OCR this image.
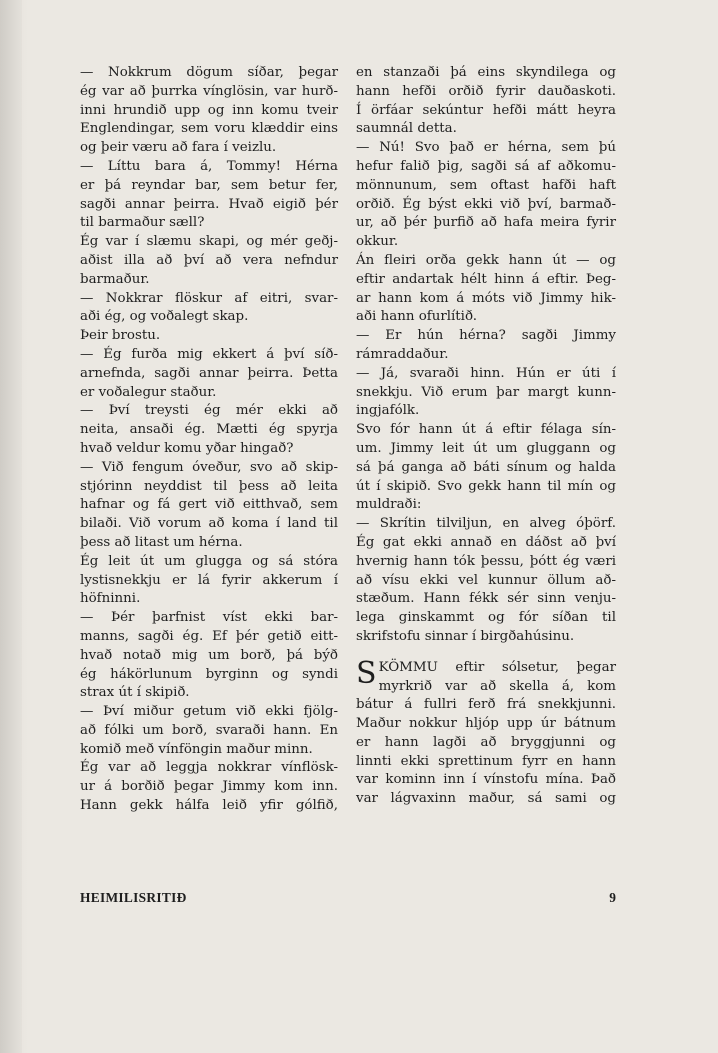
— Nokkrum dögum síðar, þegar
ég var að þurrka vínglösin, var hurð-
inni hrundið upp og inn komu tveir
Englendingar, sem voru klæddir eins
og þeir væru að fara í veizlu.
— Líttu bara á, Tommy! Hérna
er þá reyndar bar, sem betur fer,
sagði annar þeirra. Hvað eigið þér
til barmaður sæll?
Ég var í slæmu skapi, og mér geðj-
aðist illa að því að vera nefndur
barmaður.
— Nokkrar flöskur af eitri, svar-
aði ég, og voðalegt skap.
Þeir brostu.
— Ég furða mig ekkert á því síð-
arnefnda, sagði annar þeirra. Þetta
er voðalegur staður.
— Því treysti ég mér ekki að
neita, ansaði ég. Mætti ég spyrja
hvað veldur komu yðar hingað?
— Við fengum óveður, svo að skip-
stjórinn neyddist til þess að leita
hafnar og fá gert við eitthvað, sem
bilaði. Við vorum að koma í land til
þess að litast um hérna.
Ég leit út um glugga og sá stóra
lystisnekkju er lá fyrir akkerum í
höfninni.
— Þér þarfnist víst ekki bar-
manns, sagði ég. Ef þér getið eitt-
hvað notað mig um borð, þá býð
ég hákörlunum byrginn og syndi
strax út í skipið.
— Því miður getum við ekki fjölg-
að fólki um borð, svaraði hann. En
komið með vínföngin maður minn.
Ég var að leggja nokkrar vínflösk-
ur á borðið þegar Jimmy kom inn.
Hann gekk hálfa leið yfir gólfið,
en stanzaði þá eins skyndilega og
hann hefði orðið fyrir dauðaskoti.
Í örfáar sekúntur hefði mátt heyra
saumnál detta.
— Nú! Svo það er hérna, sem þú
hefur falið þig, sagði sá af aðkomu-
mönnunum, sem oftast hafði haft
orðið. Ég býst ekki við því, barmað-
ur, að þér þurfið að hafa meira fyrir
okkur.
Án fleiri orða gekk hann út — og
eftir andartak hélt hinn á eftir. Þeg-
ar hann kom á móts við Jimmy hik-
aði hann ofurlítið.
— Er hún hérna? sagði Jimmy
rámraddaður.
— Já, svaraði hinn. Hún er úti í
snekkju. Við erum þar margt kunn-
ingjafólk.
Svo fór hann út á eftir félaga sín-
um. Jimmy leit út um gluggann og
sá þá ganga að báti sínum og halda
út í skipið. Svo gekk hann til mín og
muldraði:
— Skrítin tilviljun, en alveg óþörf.
Ég gat ekki annað en dáðst að því
hvernig hann tók þessu, þótt ég væri
að vísu ekki vel kunnur öllum að-
stæðum. Hann fékk sér sinn venju-
lega ginskammt og fór síðan til
skrifstofu sinnar í birgðahúsinu.
S KÖMMU eftir sólsetur, þegar
myrkrið var að skella á, kom
bátur á fullri ferð frá snekkjunni.
Maður nokkur hljóp upp úr bátnum
er hann lagði að bryggjunni og
linnti ekki sprettinum fyrr en hann
var kominn inn í vínstofu mína. Það
var lágvaxinn maður, sá sami og
HEIMILISRITIÐ	9
